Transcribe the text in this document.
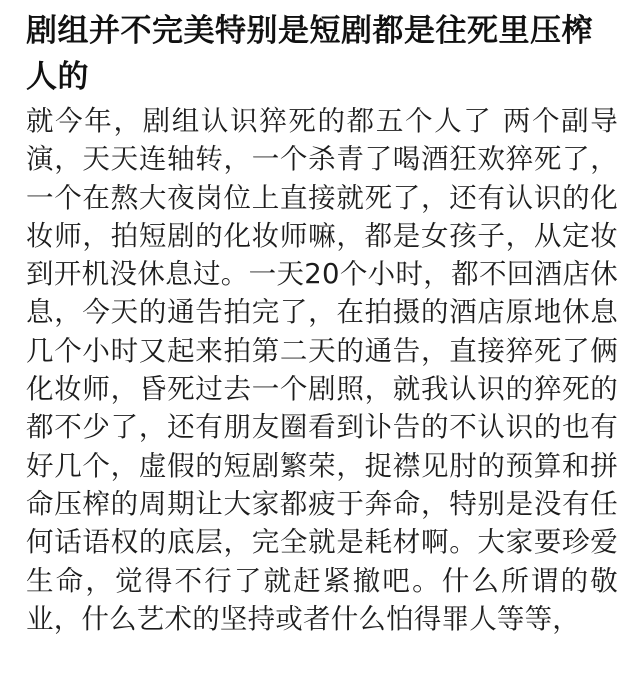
剧组并不完美特别是短剧都是往死里压榨人的

就今年，剧组认识猝死的都五个人了 两个副导演，天天连轴转，一个杀青了喝酒狂欢猝死了，一个在熬大夜岗位上直接就死了，还有认识的化妆师，拍短剧的化妆师嘛，都是女孩子，从定妆到开机没休息过。一天20个小时，都不回酒店休息，今天的通告拍完了，在拍摄的酒店原地休息几个小时又起来拍第二天的通告，直接猝死了俩化妆师，昏死过去一个剧照，就我认识的猝死的都不少了，还有朋友圈看到讣告的不认识的也有好几个，虚假的短剧繁荣，捉襟见肘的预算和拼命压榨的周期让大家都疲于奔命，特别是没有任何话语权的底层，完全就是耗材啊。大家要珍爱生命，觉得不行了就赶紧撤吧。什么所谓的敬业，什么艺术的坚持或者什么怕得罪人等等，
